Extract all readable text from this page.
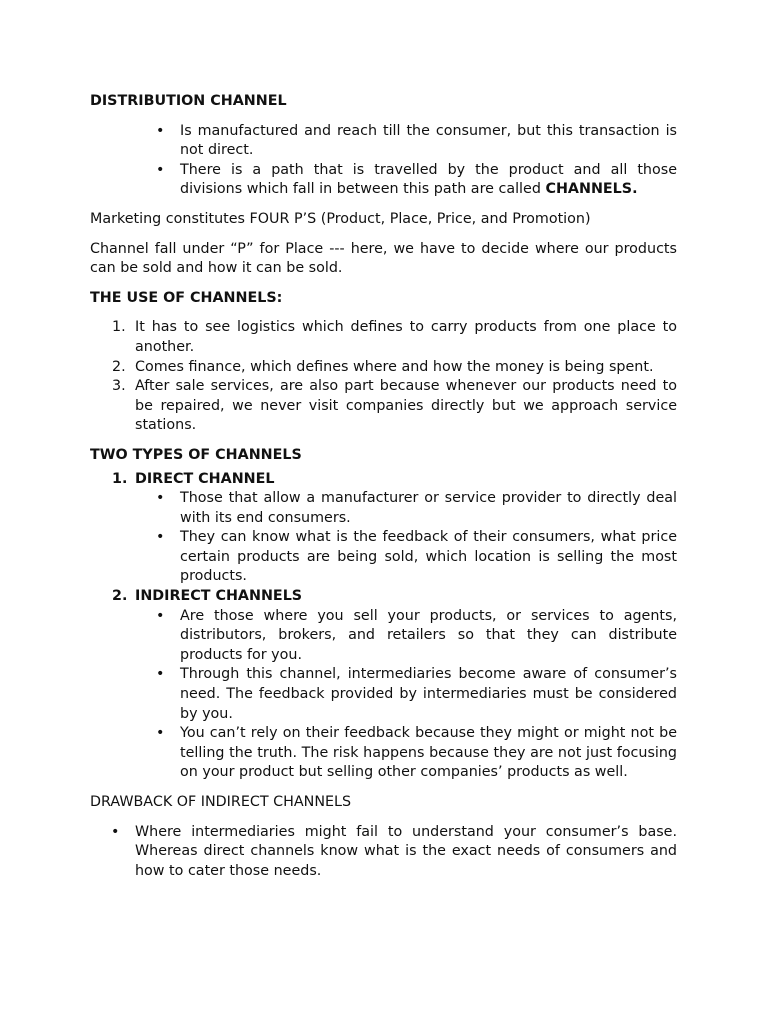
DISTRIBUTION CHANNEL

• Is manufactured and reach till the consumer, but this transaction is not direct.
• There is a path that is travelled by the product and all those divisions which fall in between this path are called CHANNELS.

Marketing constitutes FOUR P’S (Product, Place, Price, and Promotion)

Channel fall under “P” for Place --- here, we have to decide where our products can be sold and how it can be sold.

THE USE OF CHANNELS:

1. It has to see logistics which defines to carry products from one place to another.
2. Comes finance, which defines where and how the money is being spent.
3. After sale services, are also part because whenever our products need to be repaired, we never visit companies directly but we approach service stations.

TWO TYPES OF CHANNELS

1. DIRECT CHANNEL
• Those that allow a manufacturer or service provider to directly deal with its end consumers.
• They can know what is the feedback of their consumers, what price certain products are being sold, which location is selling the most products.
2. INDIRECT CHANNELS
• Are those where you sell your products, or services to agents, distributors, brokers, and retailers so that they can distribute products for you.
• Through this channel, intermediaries become aware of consumer’s need. The feedback provided by intermediaries must be considered by you.
• You can’t rely on their feedback because they might or might not be telling the truth. The risk happens because they are not just focusing on your product but selling other companies’ products as well.

DRAWBACK OF INDIRECT CHANNELS

• Where intermediaries might fail to understand your consumer’s base. Whereas direct channels know what is the exact needs of consumers and how to cater those needs.
